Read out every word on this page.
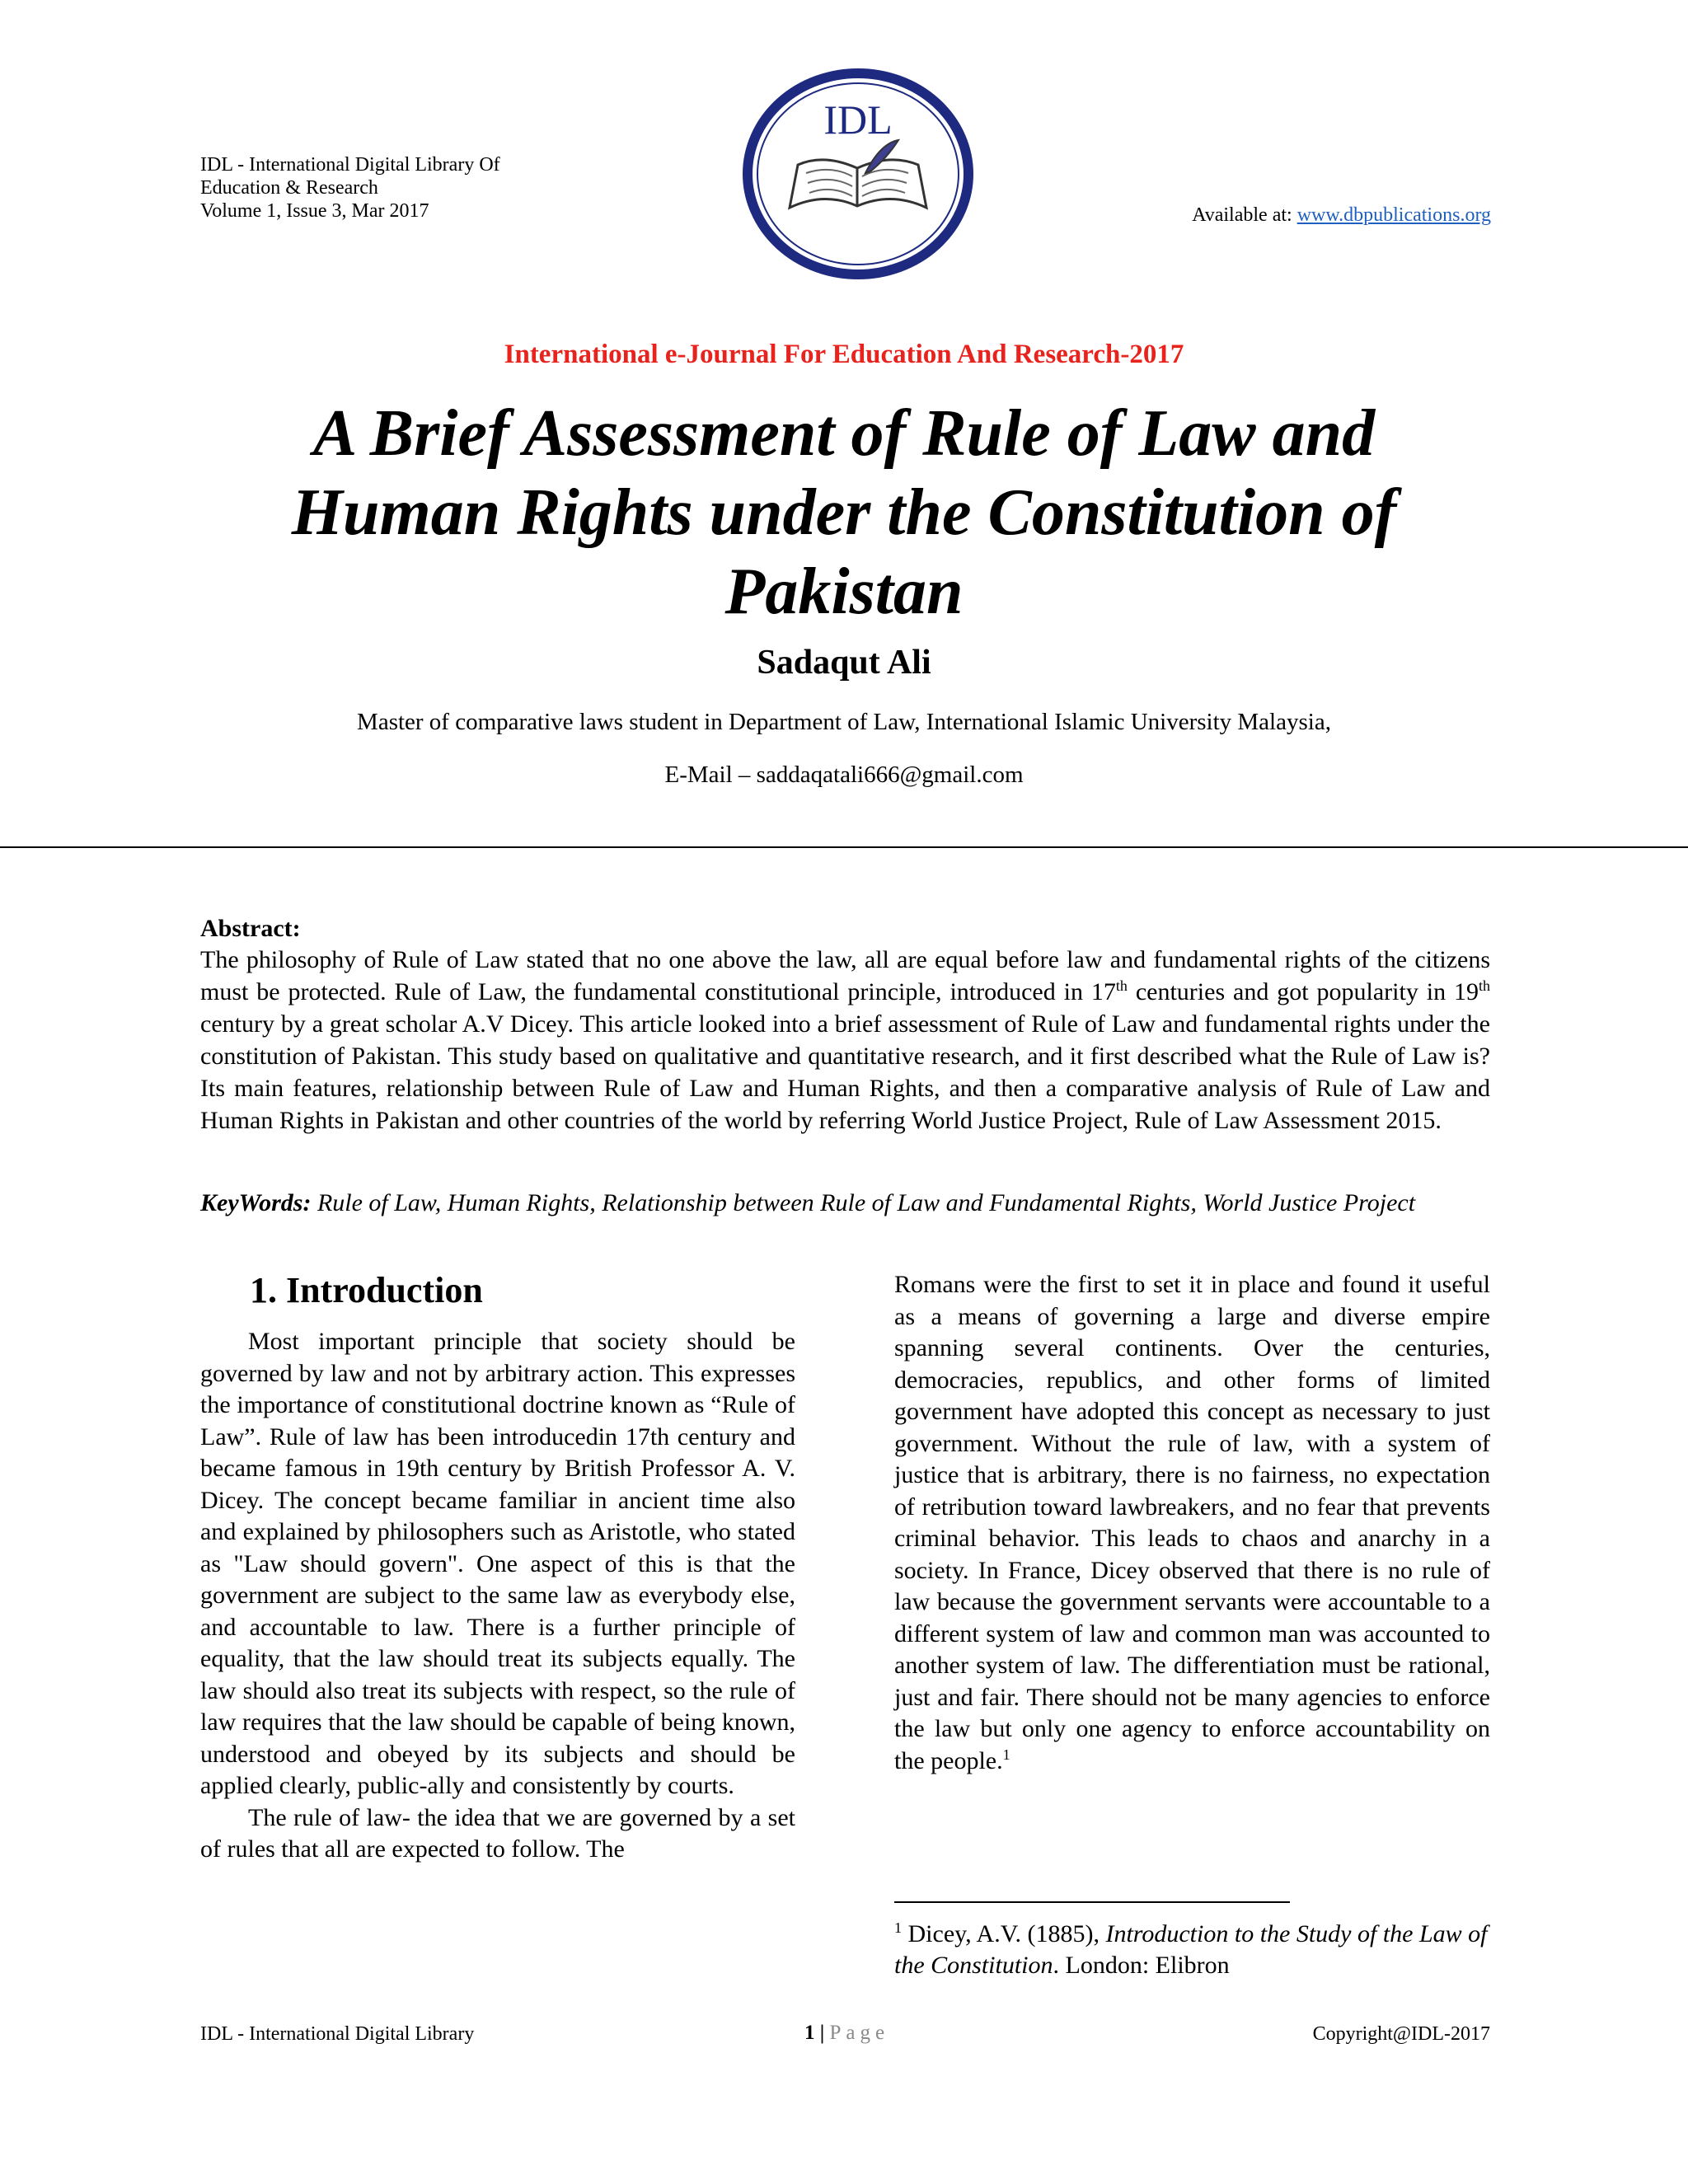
IDL - International Digital Library Of
Education & Research
Volume 1, Issue 3, Mar 2017
IDL
Available at: www.dbpublications.org
International e-Journal For Education And Research-2017
A Brief Assessment of Rule of Law and Human Rights under the Constitution of Pakistan
Sadaqut Ali
Master of comparative laws student in Department of Law, International Islamic University Malaysia,
E-Mail – saddaqatali666@gmail.com
Abstract:
The philosophy of Rule of Law stated that no one above the law, all are equal before law and fundamental rights of the citizens must be protected. Rule of Law, the fundamental constitutional principle, introduced in 17th centuries and got popularity in 19th century by a great scholar A.V Dicey. This article looked into a brief assessment of Rule of Law and fundamental rights under the constitution of Pakistan. This study based on qualitative and quantitative research, and it first described what the Rule of Law is? Its main features, relationship between Rule of Law and Human Rights, and then a comparative analysis of Rule of Law and Human Rights in Pakistan and other countries of the world by referring World Justice Project, Rule of Law Assessment 2015.
KeyWords: Rule of Law, Human Rights, Relationship between Rule of Law and Fundamental Rights, World Justice Project
1. Introduction

Most important principle that society should be governed by law and not by arbitrary action. This expresses the importance of constitutional doctrine known as “Rule of Law”. Rule of law has been introducedin 17th century and became famous in 19th century by British Professor A. V. Dicey. The concept became familiar in ancient time also and explained by philosophers such as Aristotle, who stated as "Law should govern". One aspect of this is that the government are subject to the same law as everybody else, and accountable to law. There is a further principle of equality, that the law should treat its subjects equally. The law should also treat its subjects with respect, so the rule of law requires that the law should be capable of being known, understood and obeyed by its subjects and should be applied clearly, public-ally and consistently by courts.

The rule of law- the idea that we are governed by a set of rules that all are expected to follow. The

Romans were the first to set it in place and found it useful as a means of governing a large and diverse empire spanning several continents. Over the centuries, democracies, republics, and other forms of limited government have adopted this concept as necessary to just government. Without the rule of law, with a system of justice that is arbitrary, there is no fairness, no expectation of retribution toward lawbreakers, and no fear that prevents criminal behavior. This leads to chaos and anarchy in a society. In France, Dicey observed that there is no rule of law because the government servants were accountable to a different system of law and common man was accounted to another system of law. The differentiation must be rational, just and fair. There should not be many agencies to enforce the law but only one agency to enforce accountability on the people.$^1$

$^1$ Dicey, A.V. (1885), Introduction to the Study of the Law of the Constitution. London: Elibron
IDL - International Digital Library	1 | Page	Copyright@IDL-2017
